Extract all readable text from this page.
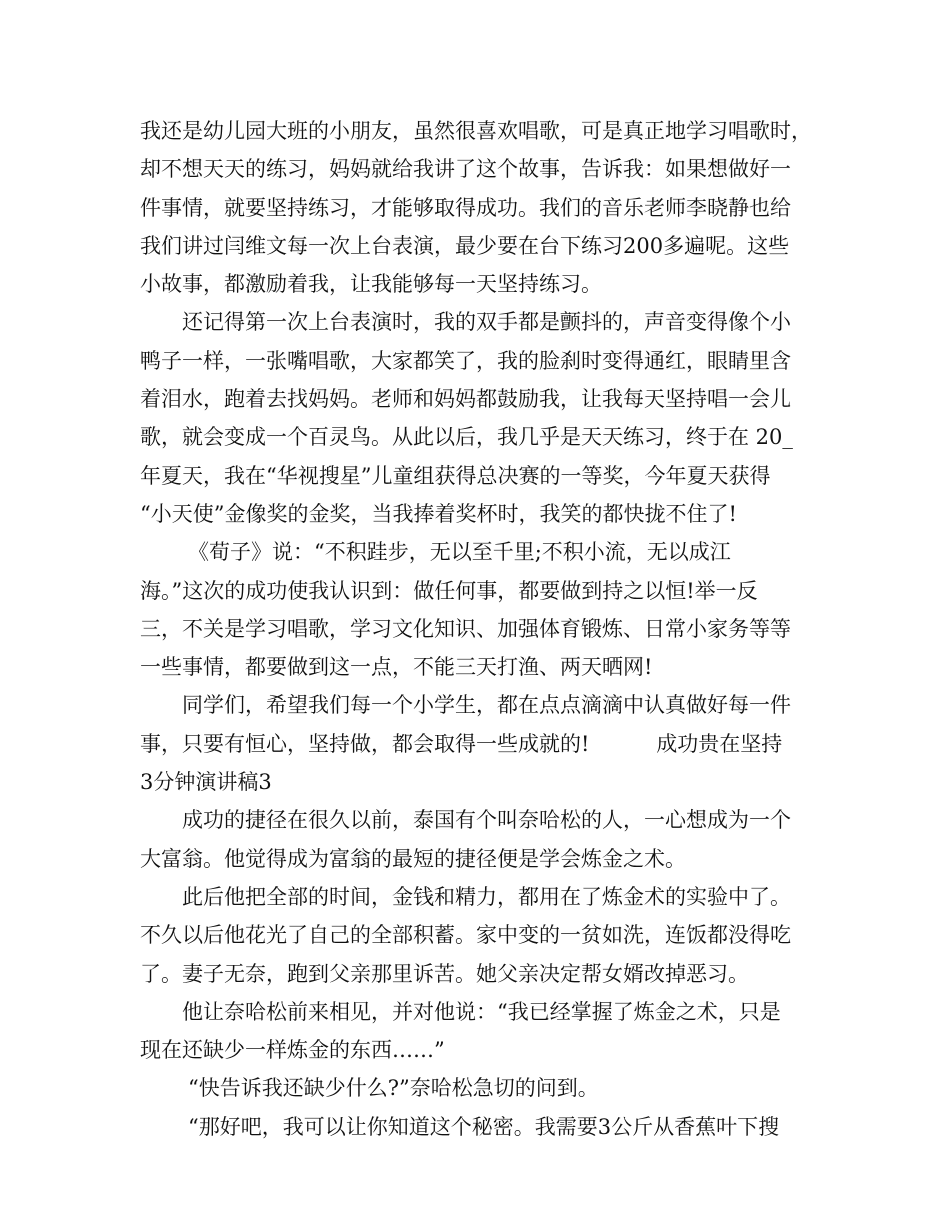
我还是幼儿园大班的小朋友，虽然很喜欢唱歌，可是真正地学习唱歌时，
却不想天天的练习，妈妈就给我讲了这个故事，告诉我：如果想做好一
件事情，就要坚持练习，才能够取得成功。我们的音乐老师李晓静也给
我们讲过闫维文每一次上台表演，最少要在台下练习200多遍呢。这些
小故事，都激励着我，让我能够每一天坚持练习。
还记得第一次上台表演时，我的双手都是颤抖的，声音变得像个小
鸭子一样，一张嘴唱歌，大家都笑了，我的脸刹时变得通红，眼睛里含
着泪水，跑着去找妈妈。老师和妈妈都鼓励我，让我每天坚持唱一会儿
歌，就会变成一个百灵鸟。从此以后，我几乎是天天练习，终于在 20_
年夏天，我在“华视搜星”儿童组获得总决赛的一等奖，今年夏天获得
“小天使”金像奖的金奖，当我捧着奖杯时，我笑的都快拢不住了!
《荀子》说：“不积跬步，无以至千里;不积小流，无以成江
海。”这次的成功使我认识到：做任何事，都要做到持之以恒!举一反
三，不关是学习唱歌，学习文化知识、加强体育锻炼、日常小家务等等
一些事情，都要做到这一点，不能三天打渔、两天晒网!
同学们，希望我们每一个小学生，都在点点滴滴中认真做好每一件
事，只要有恒心，坚持做，都会取得一些成就的!          成功贵在坚持
3分钟演讲稿3
成功的捷径在很久以前，泰国有个叫奈哈松的人，一心想成为一个
大富翁。他觉得成为富翁的最短的捷径便是学会炼金之术。
此后他把全部的时间，金钱和精力，都用在了炼金术的实验中了。
不久以后他花光了自己的全部积蓄。家中变的一贫如洗，连饭都没得吃
了。妻子无奈，跑到父亲那里诉苦。她父亲决定帮女婿改掉恶习。
他让奈哈松前来相见，并对他说：“我已经掌握了炼金之术，只是
现在还缺少一样炼金的东西……”
“快告诉我还缺少什么?”奈哈松急切的问到。
“那好吧，我可以让你知道这个秘密。我需要3公斤从香蕉叶下搜
